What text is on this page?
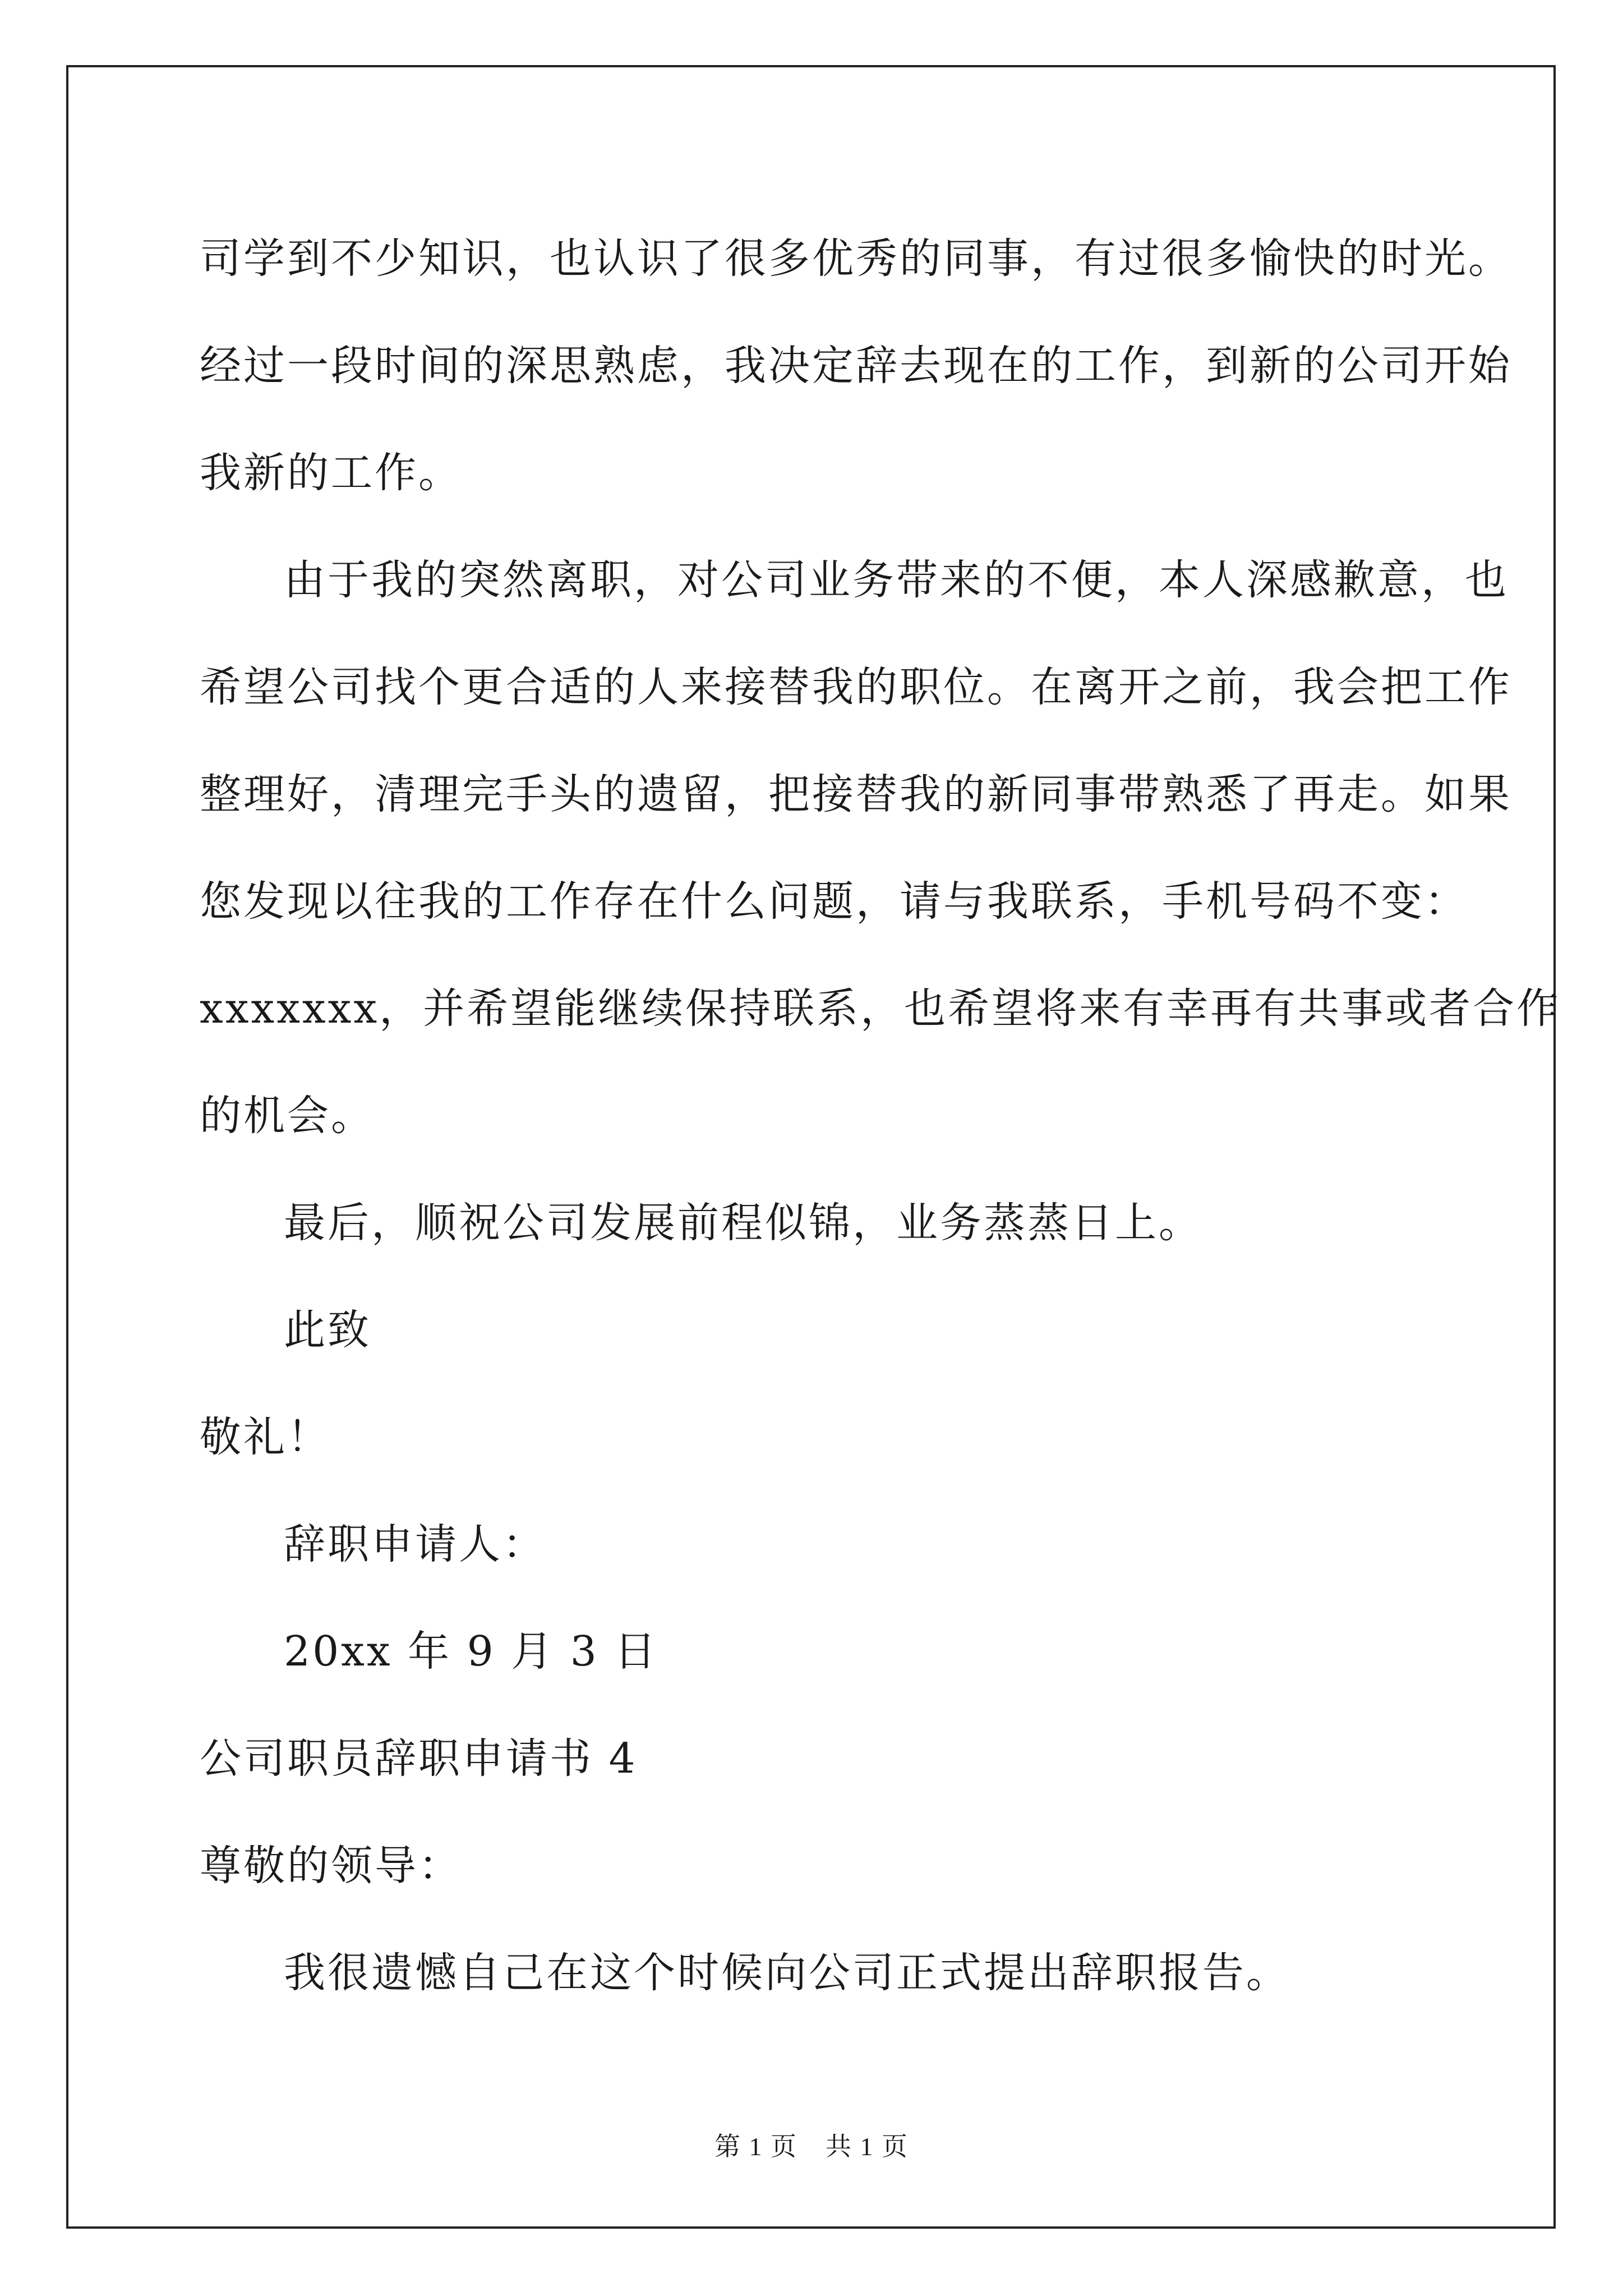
司学到不少知识，也认识了很多优秀的同事，有过很多愉快的时光。
经过一段时间的深思熟虑，我决定辞去现在的工作，到新的公司开始
我新的工作。
由于我的突然离职，对公司业务带来的不便，本人深感歉意，也
希望公司找个更合适的人来接替我的职位。在离开之前，我会把工作
整理好，清理完手头的遗留，把接替我的新同事带熟悉了再走。如果
您发现以往我的工作存在什么问题，请与我联系，手机号码不变：
xxxxxxx，并希望能继续保持联系，也希望将来有幸再有共事或者合作
的机会。
最后，顺祝公司发展前程似锦，业务蒸蒸日上。
此致
敬礼！
辞职申请人：
20xx 年 9 月 3 日
公司职员辞职申请书 4
尊敬的领导：
我很遗憾自己在这个时候向公司正式提出辞职报告。
第 1 页 共 1 页
